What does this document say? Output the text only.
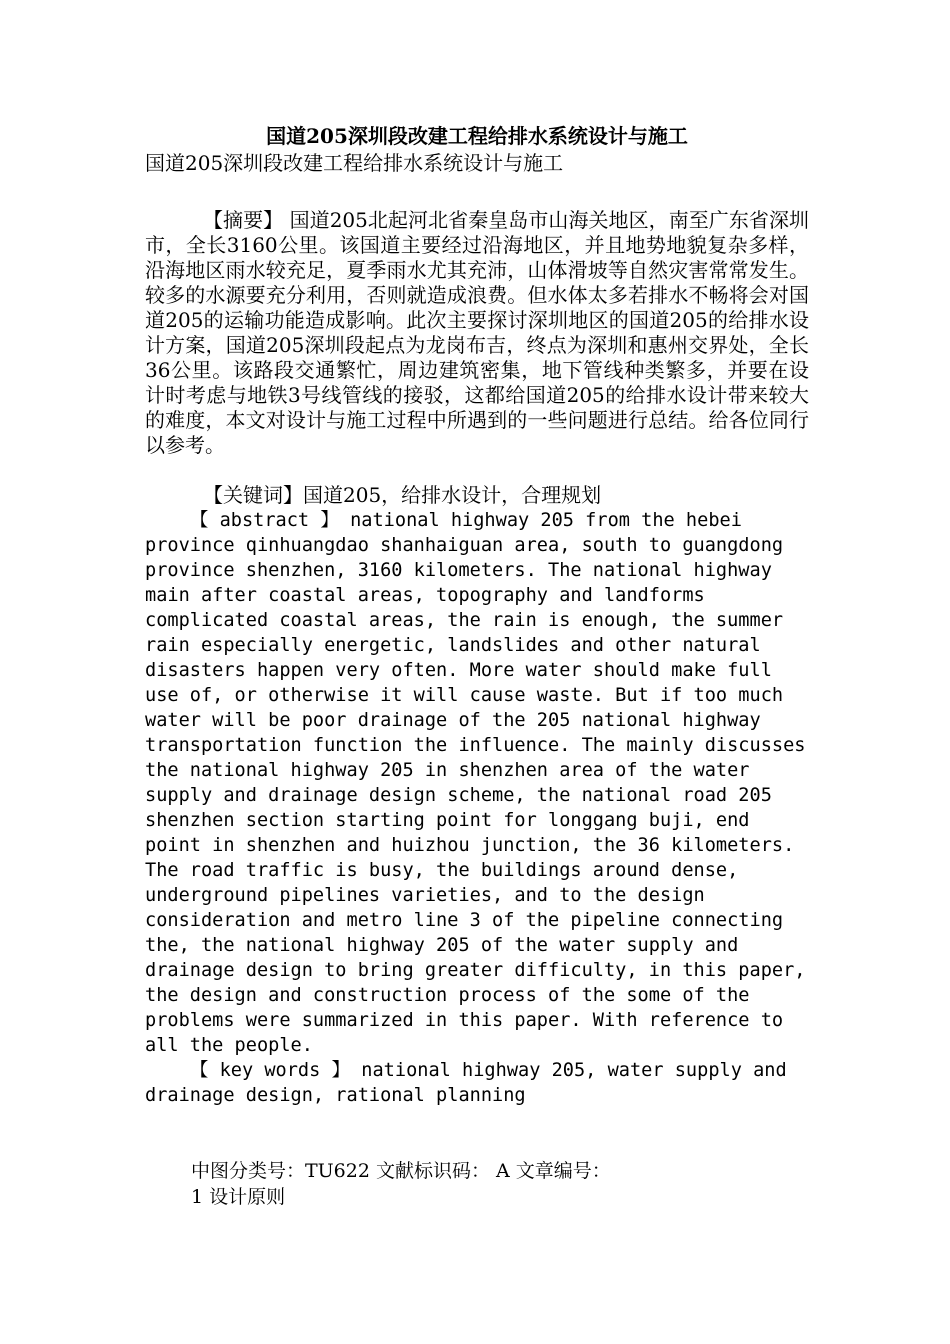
国道205深圳段改建工程给排水系统设计与施工

国道205深圳段改建工程给排水系统设计与施工

【摘要】 国道205北起河北省秦皇岛市山海关地区，南至广东省深圳市，全长3160公里。该国道主要经过沿海地区，并且地势地貌复杂多样，沿海地区雨水较充足，夏季雨水尤其充沛，山体滑坡等自然灾害常常发生。较多的水源要充分利用，否则就造成浪费。但水体太多若排水不畅将会对国道205的运输功能造成影响。此次主要探讨深圳地区的国道205的给排水设计方案，国道205深圳段起点为龙岗布吉，终点为深圳和惠州交界处，全长36公里。该路段交通繁忙，周边建筑密集，地下管线种类繁多，并要在设计时考虑与地铁3号线管线的接驳，这都给国道205的给排水设计带来较大的难度，本文对设计与施工过程中所遇到的一些问题进行总结。给各位同行以参考。

【关键词】国道205，给排水设计，合理规划

【 abstract 】 national highway 205 from the hebei
province qinhuangdao shanhaiguan area, south to guangdong
province shenzhen, 3160 kilometers. The national highway
main after coastal areas, topography and landforms
complicated coastal areas, the rain is enough, the summer
rain especially energetic, landslides and other natural
disasters happen very often. More water should make full
use of, or otherwise it will cause waste. But if too much
water will be poor drainage of the 205 national highway
transportation function the influence. The mainly discusses
the national highway 205 in shenzhen area of the water
supply and drainage design scheme, the national road 205
shenzhen section starting point for longgang buji, end
point in shenzhen and huizhou junction, the 36 kilometers.
The road traffic is busy, the buildings around dense,
underground pipelines varieties, and to the design
consideration and metro line 3 of the pipeline connecting
the, the national highway 205 of the water supply and
drainage design to bring greater difficulty, in this paper,
the design and construction process of the some of the
problems were summarized in this paper. With reference to
all the people.

【 key words 】 national highway 205, water supply and
drainage design, rational planning

中图分类号：TU622 文献标识码： A 文章编号：

1 设计原则
